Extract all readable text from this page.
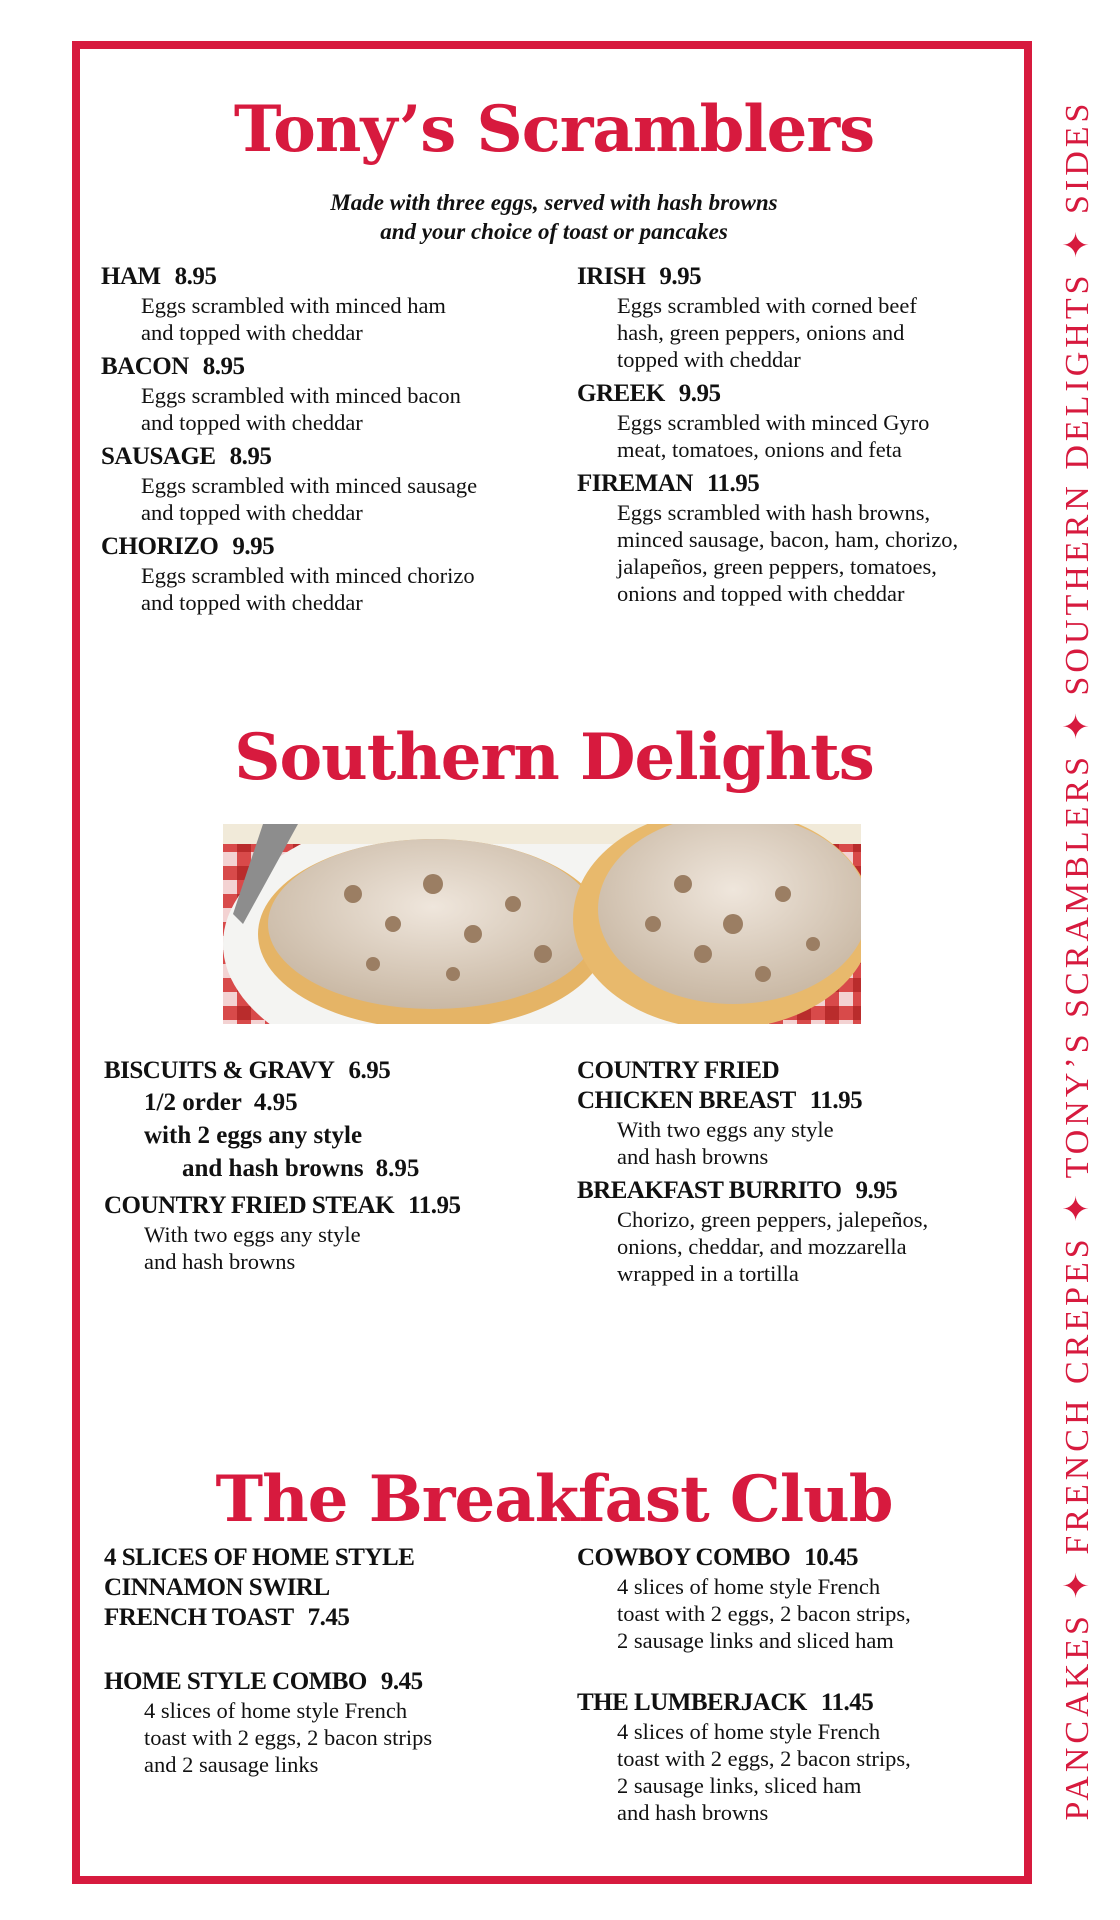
PANCAKES ✦ FRENCH CREPES ✦ TONY’S SCRAMBLERS ✦ SOUTHERN DELIGHTS ✦ SIDES
Tony’s Scramblers
Made with three eggs, served with hash browns
and your choice of toast or pancakes
HAM 8.95
Eggs scrambled with minced ham
and topped with cheddar
BACON 8.95
Eggs scrambled with minced bacon
and topped with cheddar
SAUSAGE 8.95
Eggs scrambled with minced sausage
and topped with cheddar
CHORIZO 9.95
Eggs scrambled with minced chorizo
and topped with cheddar
IRISH 9.95
Eggs scrambled with corned beef
hash, green peppers, onions and
topped with cheddar
GREEK 9.95
Eggs scrambled with minced Gyro
meat, tomatoes, onions and feta
FIREMAN 11.95
Eggs scrambled with hash browns,
minced sausage, bacon, ham, chorizo,
jalapeños, green peppers, tomatoes,
onions and topped with cheddar
Southern Delights
BISCUITS & GRAVY 6.95
1/2 order 4.95
with 2 eggs any style
and hash browns 8.95
COUNTRY FRIED STEAK 11.95
With two eggs any style
and hash browns
COUNTRY FRIED
CHICKEN BREAST 11.95
With two eggs any style
and hash browns
BREAKFAST BURRITO 9.95
Chorizo, green peppers, jalepeños,
onions, cheddar, and mozzarella
wrapped in a tortilla
The Breakfast Club
4 SLICES OF HOME STYLE
CINNAMON SWIRL
FRENCH TOAST 7.45
HOME STYLE COMBO 9.45
4 slices of home style French
toast with 2 eggs, 2 bacon strips
and 2 sausage links
COWBOY COMBO 10.45
4 slices of home style French
toast with 2 eggs, 2 bacon strips,
2 sausage links and sliced ham
THE LUMBERJACK 11.45
4 slices of home style French
toast with 2 eggs, 2 bacon strips,
2 sausage links, sliced ham
and hash browns
